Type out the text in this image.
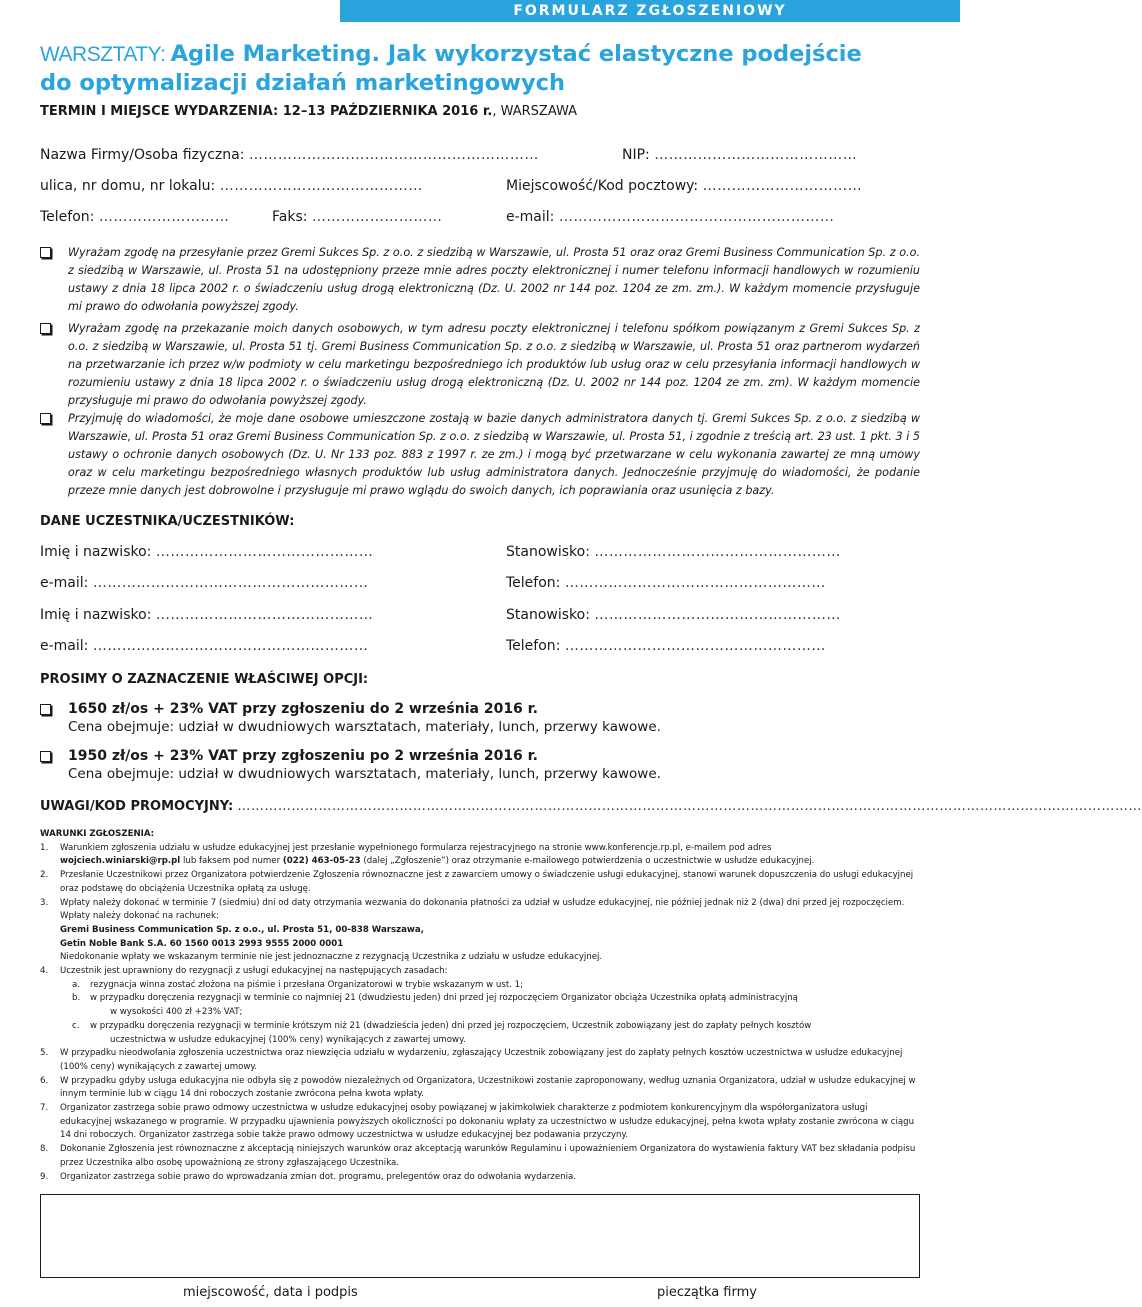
FORMULARZ ZGŁOSZENIOWY
WARSZTATY: Agile Marketing. Jak wykorzystać elastyczne podejście
do optymalizacji działań marketingowych
TERMIN I MIEJSCE WYDARZENIA: 12–13 PAŹDZIERNIKA 2016 r., WARSZAWA
Nazwa Firmy/Osoba fizyczna: ……………………………………………………	NIP: ……………………………………
ulica, nr domu, nr lokalu: ……………………………………	Miejscowość/Kod pocztowy: ……………………………
Telefon: ………………………	Faks: ………………………	e-mail: …………………………………………………
Wyrażam zgodę na przesyłanie przez Gremi Sukces Sp. z o.o. z siedzibą w Warszawie, ul. Prosta 51 oraz oraz Gremi Business Communication Sp. z o.o. z siedzibą w Warszawie, ul. Prosta 51 na udostępniony przeze mnie adres poczty elektronicznej i numer telefonu informacji handlowych w rozumieniu ustawy z dnia 18 lipca 2002 r. o świadczeniu usług drogą elektroniczną (Dz. U. 2002 nr 144 poz. 1204 ze zm. zm.). W każdym momencie przysługuje mi prawo do odwołania powyższej zgody.
Wyrażam zgodę na przekazanie moich danych osobowych, w tym adresu poczty elektronicznej i telefonu spółkom powiązanym z Gremi Sukces Sp. z o.o. z siedzibą w Warszawie, ul. Prosta 51 tj. Gremi Business Communication Sp. z o.o. z siedzibą w Warszawie, ul. Prosta 51 oraz partnerom wydarzeń na przetwarzanie ich przez w/w podmioty w celu marketingu bezpośredniego ich produktów lub usług oraz w celu przesyłania informacji handlowych w rozumieniu ustawy z dnia 18 lipca 2002 r. o świadczeniu usług drogą elektroniczną (Dz. U. 2002 nr 144 poz. 1204 ze zm. zm). W każdym momencie przysługuje mi prawo do odwołania powyższej zgody.
Przyjmuję do wiadomości, że moje dane osobowe umieszczone zostają w bazie danych administratora danych tj. Gremi Sukces Sp. z o.o. z siedzibą w Warszawie, ul. Prosta 51 oraz Gremi Business Communication Sp. z o.o. z siedzibą w Warszawie, ul. Prosta 51, i zgodnie z treścią art. 23 ust. 1 pkt. 3 i 5 ustawy o ochronie danych osobowych (Dz. U. Nr 133 poz. 883 z 1997 r. ze zm.) i mogą być przetwarzane w celu wykonania zawartej ze mną umowy oraz w celu marketingu bezpośredniego własnych produktów lub usług administratora danych. Jednocześnie przyjmuję do wiadomości, że podanie przeze mnie danych jest dobrowolne i przysługuje mi prawo wglądu do swoich danych, ich poprawiania oraz usunięcia z bazy.
DANE UCZESTNIKA/UCZESTNIKÓW:
Imię i nazwisko: ………………………………………	Stanowisko: ……………………………………………
e-mail: …………………………………………………	Telefon: ………………………………………………
Imię i nazwisko: ………………………………………	Stanowisko: ……………………………………………
e-mail: …………………………………………………	Telefon: ………………………………………………
PROSIMY O ZAZNACZENIE WŁAŚCIWEJ OPCJI:
1650 zł/os + 23% VAT przy zgłoszeniu do 2 września 2016 r.
Cena obejmuje: udział w dwudniowych warsztatach, materiały, lunch, przerwy kawowe.
1950 zł/os + 23% VAT przy zgłoszeniu po 2 września 2016 r.
Cena obejmuje: udział w dwudniowych warsztatach, materiały, lunch, przerwy kawowe.
UWAGI/KOD PROMOCYJNY: …………………………………………………………………………………………………………………………………………………………………………………
WARUNKI ZGŁOSZENIA:
1. Warunkiem zgłoszenia udziału w usłudze edukacyjnej jest przesłanie wypełnionego formularza rejestracyjnego na stronie www.konferencje.rp.pl, e-mailem pod adres
wojciech.winiarski@rp.pl lub faksem pod numer (022) 463-05-23 (dalej „Zgłoszenie”) oraz otrzymanie e-mailowego potwierdzenia o uczestnictwie w usłudze edukacyjnej.
2. Przesłanie Uczestnikowi przez Organizatora potwierdzenie Zgłoszenia równoznaczne jest z zawarciem umowy o świadczenie usługi edukacyjnej, stanowi warunek dopuszczenia do usługi edukacyjnej oraz podstawę do obciążenia Uczestnika opłatą za usługę.
3. Wpłaty należy dokonać w terminie 7 (siedmiu) dni od daty otrzymania wezwania do dokonania płatności za udział w usłudze edukacyjnej, nie później jednak niż 2 (dwa) dni przed jej rozpoczęciem. Wpłaty należy dokonać na rachunek:
Gremi Business Communication Sp. z o.o., ul. Prosta 51, 00-838 Warszawa,
Getin Noble Bank S.A. 60 1560 0013 2993 9555 2000 0001
Niedokonanie wpłaty we wskazanym terminie nie jest jednoznaczne z rezygnacją Uczestnika z udziału w usłudze edukacyjnej.
4. Uczestnik jest uprawniony do rezygnacji z usługi edukacyjnej na następujących zasadach:
a. rezygnacja winna zostać złożona na piśmie i przesłana Organizatorowi w trybie wskazanym w ust. 1;
b. w przypadku doręczenia rezygnacji w terminie co najmniej 21 (dwudziestu jeden) dni przed jej rozpoczęciem Organizator obciąża Uczestnika opłatą administracyjną
w wysokości 400 zł +23% VAT;
c. w przypadku doręczenia rezygnacji w terminie krótszym niż 21 (dwadzieścia jeden) dni przed jej rozpoczęciem, Uczestnik zobowiązany jest do zapłaty pełnych kosztów
uczestnictwa w usłudze edukacyjnej (100% ceny) wynikających z zawartej umowy.
5. W przypadku nieodwołania zgłoszenia uczestnictwa oraz niewzięcia udziału w wydarzeniu, zgłaszający Uczestnik zobowiązany jest do zapłaty pełnych kosztów uczestnictwa w usłudze edukacyjnej (100% ceny) wynikających z zawartej umowy.
6. W przypadku gdyby usługa edukacyjna nie odbyła się z powodów niezależnych od Organizatora, Uczestnikowi zostanie zaproponowany, według uznania Organizatora, udział w usłudze edukacyjnej w innym terminie lub w ciągu 14 dni roboczych zostanie zwrócona pełna kwota wpłaty.
7. Organizator zastrzega sobie prawo odmowy uczestnictwa w usłudze edukacyjnej osoby powiązanej w jakimkolwiek charakterze z podmiotem konkurencyjnym dla współorganizatora usługi edukacyjnej wskazanego w programie. W przypadku ujawnienia powyższych okoliczności po dokonaniu wpłaty za uczestnictwo w usłudze edukacyjnej, pełna kwota wpłaty zostanie zwrócona w ciągu 14 dni roboczych. Organizator zastrzega sobie także prawo odmowy uczestnictwa w usłudze edukacyjnej bez podawania przyczyny.
8. Dokonanie Zgłoszenia jest równoznaczne z akceptacją niniejszych warunków oraz akceptacją warunków Regulaminu i upoważnieniem Organizatora do wystawienia faktury VAT bez składania podpisu przez Uczestnika albo osobę upoważnioną ze strony zgłaszającego Uczestnika.
9. Organizator zastrzega sobie prawo do wprowadzania zmian dot. programu, prelegentów oraz do odwołania wydarzenia.
miejscowość, data i podpis	pieczątka firmy
